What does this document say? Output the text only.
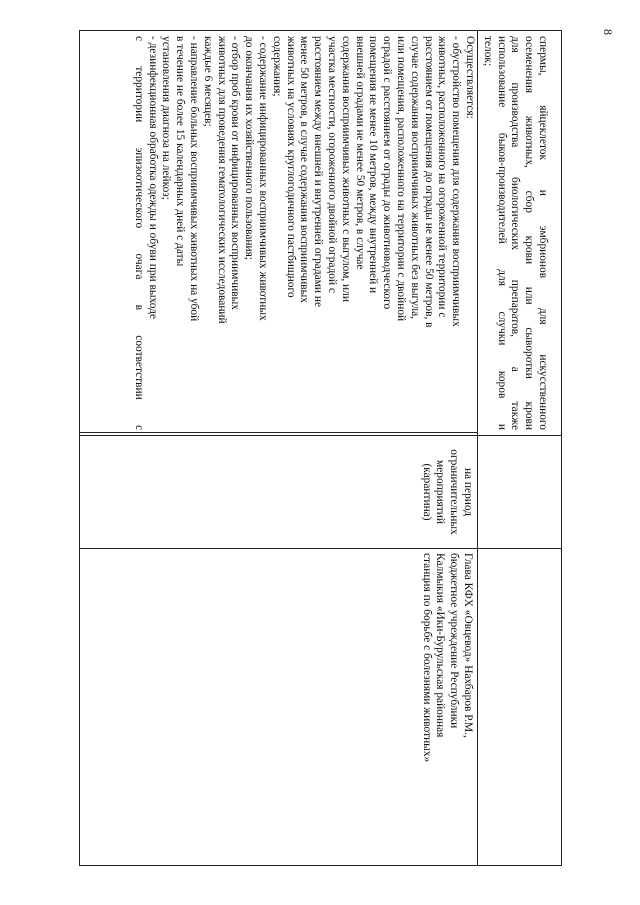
8
спермы, яйцеклеток и эмбрионов для искусственного
осеменения животных, сбор крови или сыворотки крови
для производства биологических препаратов, а также
использование быков-производителей для случки коров и
телок;
Осуществляется:
- обустройство помещения для содержания восприимчивых
животных, расположенного на огороженной территории с
расстоянием от помещения до ограды не менее 50 метров, в
случае содержания восприимчивых животных без выгула,
или помещения, расположенного на территории с двойной
оградой с расстоянием от ограды до животноводческого
помещения не менее 10 метров, между внутренней и
внешней оградами не менее 50 метров, в случае
содержания восприимчивых животных с выгулом, или
участка местности, огороженного двойной оградой с
расстоянием между внешней и внутренней оградами не
менее 50 метров, в случае содержания восприимчивых
животных на условиях круглогодичного пастбищного
содержания;
- содержание инфицированных восприимчивых животных
до окончания их хозяйственного пользования;
- отбор проб крови от инфицированных восприимчивых
животных для проведения гематологических исследований
каждые 6 месяцев;
- направление больных восприимчивых животных на убой
в течение не более 15 календарных дней с даты
установления диагноза на лейкоз;
- дезинфекционная обработка одежды и обуви при выходе
с территории эпизоотического очага в соответствии с
на период
ограничительных
мероприятий
(карантина)
Глава КФХ «Овцевод» Нахбаров Р.М.,
бюджетное учреждение Республики
Калмыкия «Ики-Бурульская районная
станция по борьбе с болезнями животных»
